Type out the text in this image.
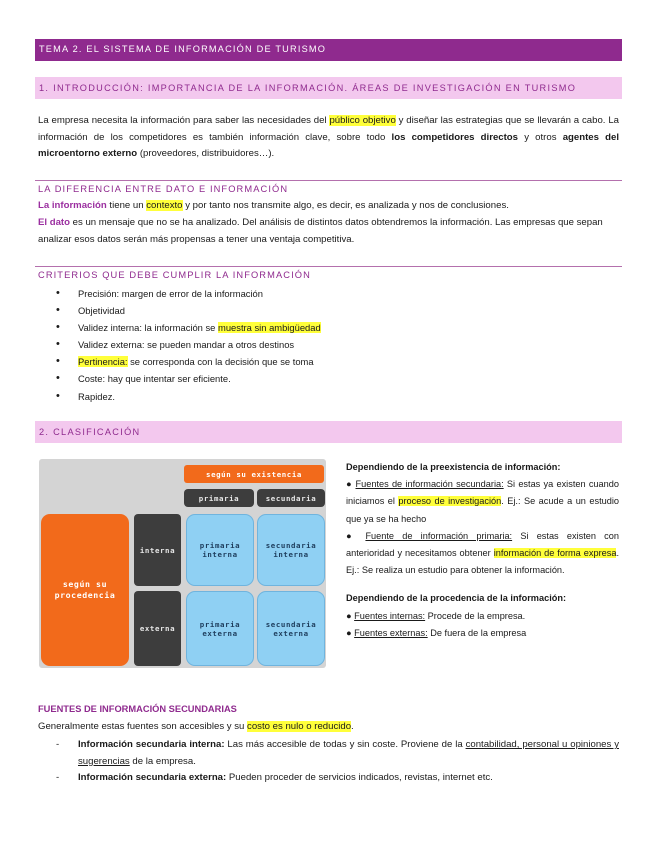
TEMA 2. EL SISTEMA DE INFORMACIÓN DE TURISMO
1. INTRODUCCIÓN: IMPORTANCIA DE LA INFORMACIÓN. ÁREAS DE INVESTIGACIÓN EN TURISMO
La empresa necesita la información para saber las necesidades del público objetivo y diseñar las estrategias que se llevarán a cabo. La información de los competidores es también información clave, sobre todo los competidores directos y otros agentes del microentorno externo (proveedores, distribuidores…).
LA DIFERENCIA ENTRE DATO E INFORMACIÓN
La información tiene un contexto y por tanto nos transmite algo, es decir, es analizada y nos de conclusiones.
El dato es un mensaje que no se ha analizado. Del análisis de distintos datos obtendremos la información. Las empresas que sepan analizar esos datos serán más propensas a tener una ventaja competitiva.
CRITERIOS QUE DEBE CUMPLIR LA INFORMACIÓN
• Precisión: margen de error de la información
• Objetividad
• Validez interna: la información se muestra sin ambigüedad
• Validez externa: se pueden mandar a otros destinos
• Pertinencia: se corresponda con la decisión que se toma
• Coste: hay que intentar ser eficiente.
• Rapidez.
2. CLASIFICACIÓN
según su existencia
primaria	secundaria
según su procedencia
interna
externa
primaria interna
secundaria interna
primaria externa
secundaria externa
Dependiendo de la preexistencia de información:
● Fuentes de información secundaria: Si estas ya existen cuando iniciamos el proceso de investigación. Ej.: Se acude a un estudio que ya se ha hecho
● Fuente de información primaria: Si estas existen con anterioridad y necesitamos obtener información de forma expresa. Ej.: Se realiza un estudio para obtener la información.
Dependiendo de la procedencia de la información:
● Fuentes internas: Procede de la empresa.
● Fuentes externas: De fuera de la empresa
FUENTES DE INFORMACIÓN SECUNDARIAS
Generalmente estas fuentes son accesibles y su costo es nulo o reducido.
- Información secundaria interna: Las más accesible de todas y sin coste. Proviene de la contabilidad, personal u opiniones y sugerencias de la empresa.
- Información secundaria externa: Pueden proceder de servicios indicados, revistas, internet etc.
